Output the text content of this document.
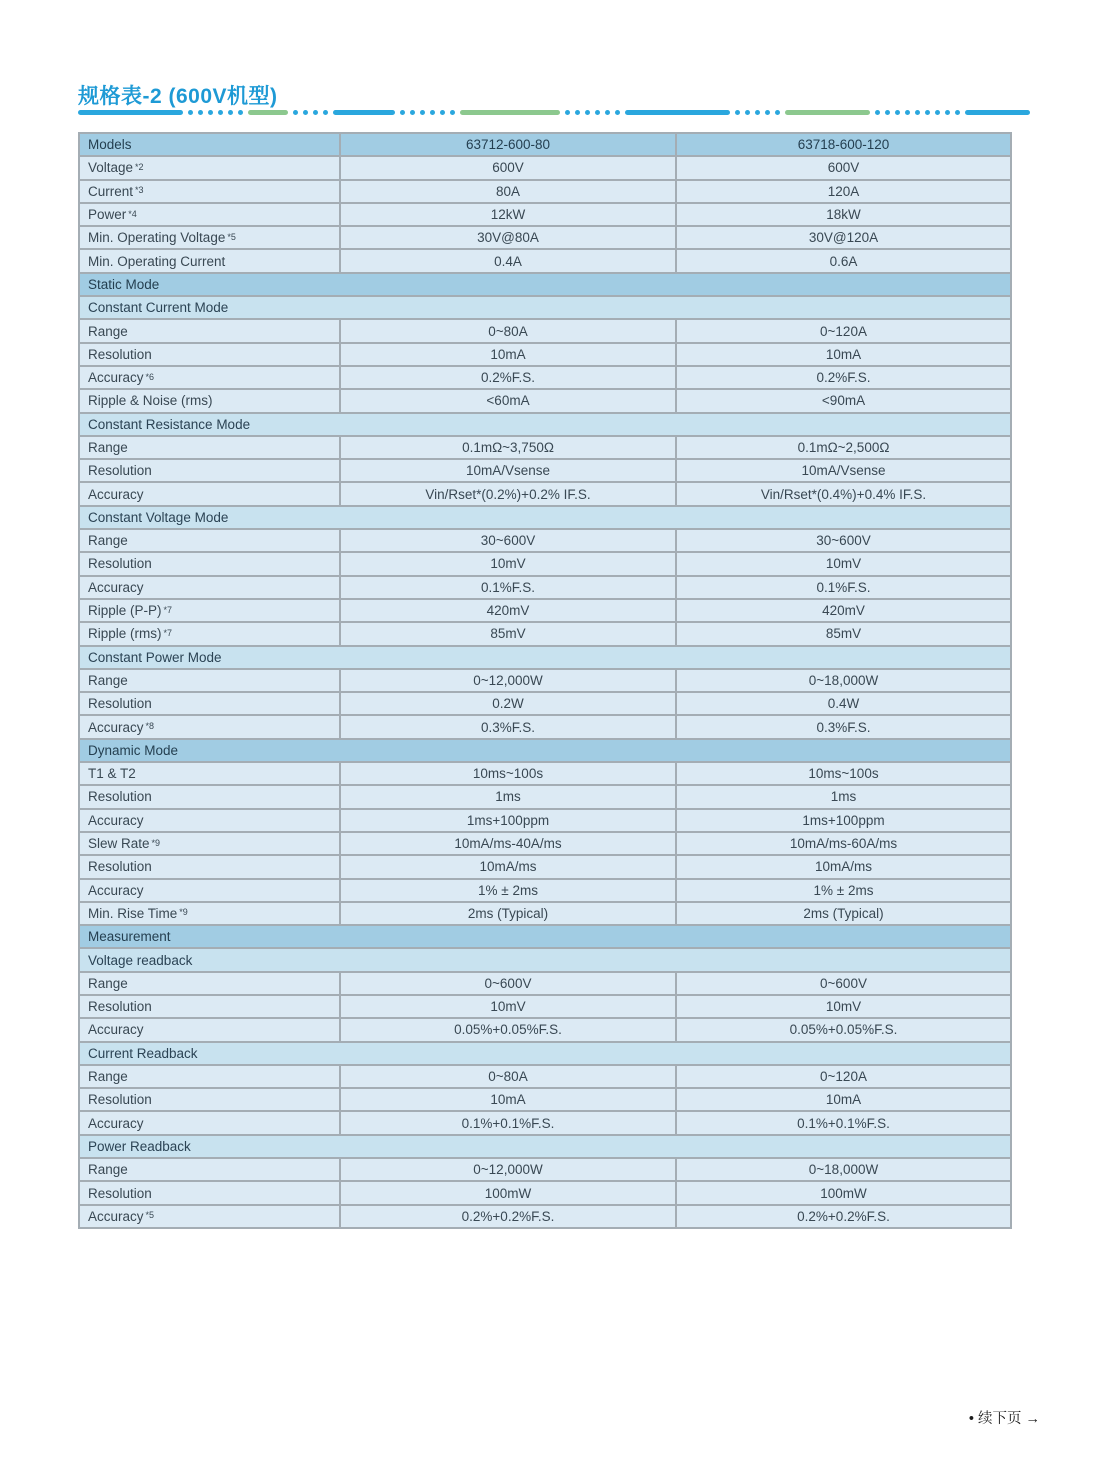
规格表-2 (600V机型)
Models	63712-600-80	63718-600-120
Voltage$^{*2}$	600V	600V
Current$^{*3}$	80A	120A
Power$^{*4}$	12kW	18kW
Min. Operating Voltage$^{*5}$	30V@80A	30V@120A
Min. Operating Current	0.4A	0.6A
Static Mode
Constant Current Mode
Range	0~80A	0~120A
Resolution	10mA	10mA
Accuracy$^{*6}$	0.2%F.S.	0.2%F.S.
Ripple & Noise (rms)	<60mA	<90mA
Constant Resistance Mode
Range	0.1mΩ~3,750Ω	0.1mΩ~2,500Ω
Resolution	10mA/Vsense	10mA/Vsense
Accuracy	Vin/Rset*(0.2%)+0.2% IF.S.	Vin/Rset*(0.4%)+0.4% IF.S.
Constant Voltage Mode
Range	30~600V	30~600V
Resolution	10mV	10mV
Accuracy	0.1%F.S.	0.1%F.S.
Ripple $(P-P)^{*7}$	420mV	420mV
Ripple (rms)$^{*7}$	85mV	85mV
Constant Power Mode
Range	0~12,000W	0~18,000W
Resolution	0.2W	0.4W
Accuracy$^{*8}$	0.3%F.S.	0.3%F.S.
Dynamic Mode
T1 & T2	10ms~100s	10ms~100s
Resolution	1ms	1ms
Accuracy	1ms+100ppm	1ms+100ppm
Slew Rate$^{*9}$	10mA/ms-40A/ms	10mA/ms-60A/ms
Resolution	10mA/ms	10mA/ms
Accuracy	1% ± 2ms	1% ± 2ms
Min. Rise Time$^{*9}$	2ms (Typical)	2ms (Typical)
Measurement
Voltage readback
Range	0~600V	0~600V
Resolution	10mV	10mV
Accuracy	0.05%+0.05%F.S.	0.05%+0.05%F.S.
Current Readback
Range	0~80A	0~120A
Resolution	10mA	10mA
Accuracy	0.1%+0.1%F.S.	0.1%+0.1%F.S.
Power Readback
Range	0~12,000W	0~18,000W
Resolution	100mW	100mW
Accuracy$^{*5}$	0.2%+0.2%F.S.	0.2%+0.2%F.S.
• 续下页 →
